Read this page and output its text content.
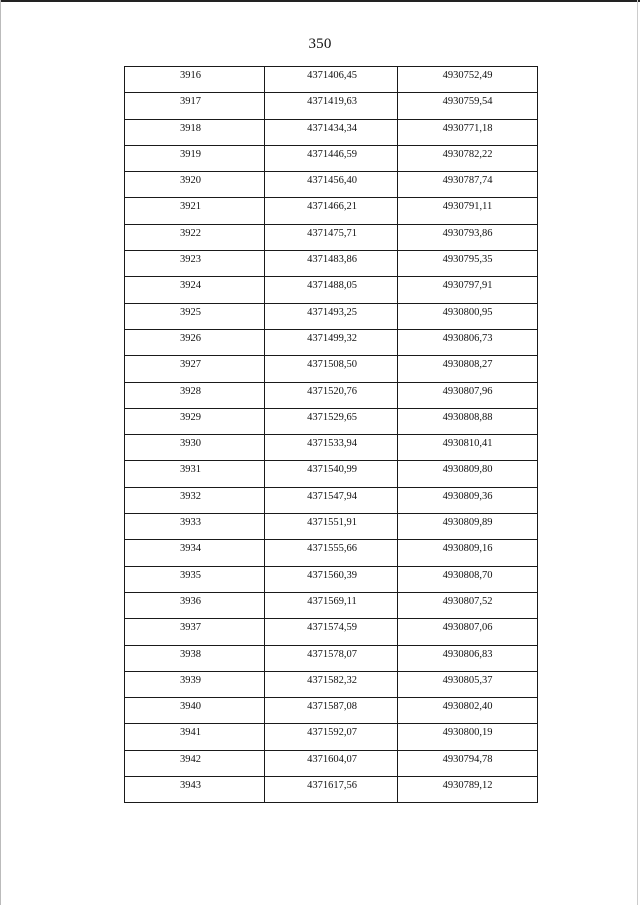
350
3916	4371406,45	4930752,49
3917	4371419,63	4930759,54
3918	4371434,34	4930771,18
3919	4371446,59	4930782,22
3920	4371456,40	4930787,74
3921	4371466,21	4930791,11
3922	4371475,71	4930793,86
3923	4371483,86	4930795,35
3924	4371488,05	4930797,91
3925	4371493,25	4930800,95
3926	4371499,32	4930806,73
3927	4371508,50	4930808,27
3928	4371520,76	4930807,96
3929	4371529,65	4930808,88
3930	4371533,94	4930810,41
3931	4371540,99	4930809,80
3932	4371547,94	4930809,36
3933	4371551,91	4930809,89
3934	4371555,66	4930809,16
3935	4371560,39	4930808,70
3936	4371569,11	4930807,52
3937	4371574,59	4930807,06
3938	4371578,07	4930806,83
3939	4371582,32	4930805,37
3940	4371587,08	4930802,40
3941	4371592,07	4930800,19
3942	4371604,07	4930794,78
3943	4371617,56	4930789,12
